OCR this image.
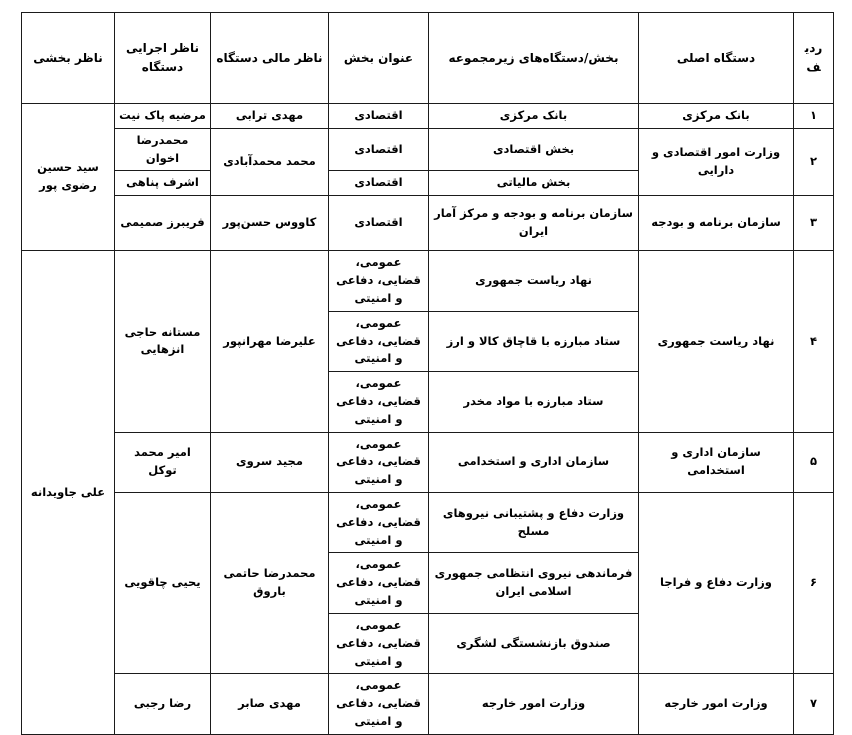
ردیف	دستگاه اصلی	بخش/دستگاه‌های زیرمجموعه	عنوان بخش	ناظر مالی دستگاه	ناظر اجرایی دستگاه	ناظر بخشی
۱	بانک مرکزی	بانک مرکزی	اقتصادی	مهدی ترابی	مرضیه پاک نیت	سید حسین رضوی پور
۲	وزارت امور اقتصادی و دارایی	بخش اقتصادی	اقتصادی	محمد محمدآبادی	محمدرضا اخوان	
		بخش مالیاتی	اقتصادی		اشرف پناهی	
۳	سازمان برنامه و بودجه	سازمان برنامه و بودجه و مرکز آمار ایران	اقتصادی	کاووس حسن‌پور	فریبرز صمیمی	
۴	نهاد ریاست جمهوری	نهاد ریاست جمهوری	عمومی، قضایی، دفاعی و امنیتی	علیرضا مهرانپور	مستانه حاجی انزهایی	علی جاویدانه
		ستاد مبارزه با قاچاق کالا و ارز	عمومی، قضایی، دفاعی و امنیتی			
		ستاد مبارزه با مواد مخدر	عمومی، قضایی، دفاعی و امنیتی			
۵	سازمان اداری و استخدامی	سازمان اداری و استخدامی	عمومی، قضایی، دفاعی و امنیتی	مجید سروی	امیر محمد توکل	
۶	وزارت دفاع و فراجا	وزارت دفاع و پشتیبانی نیروهای مسلح	عمومی، قضایی، دفاعی و امنیتی	محمدرضا حاتمی باروق	یحیی چاقویی	
		فرماندهی نیروی انتظامی جمهوری اسلامی ایران	عمومی، قضایی، دفاعی و امنیتی			
		صندوق بازنشستگی لشگری	عمومی، قضایی، دفاعی و امنیتی			
۷	وزارت امور خارجه	وزارت امور خارجه	عمومی، قضایی، دفاعی و امنیتی	مهدی صابر	رضا رجبی	
